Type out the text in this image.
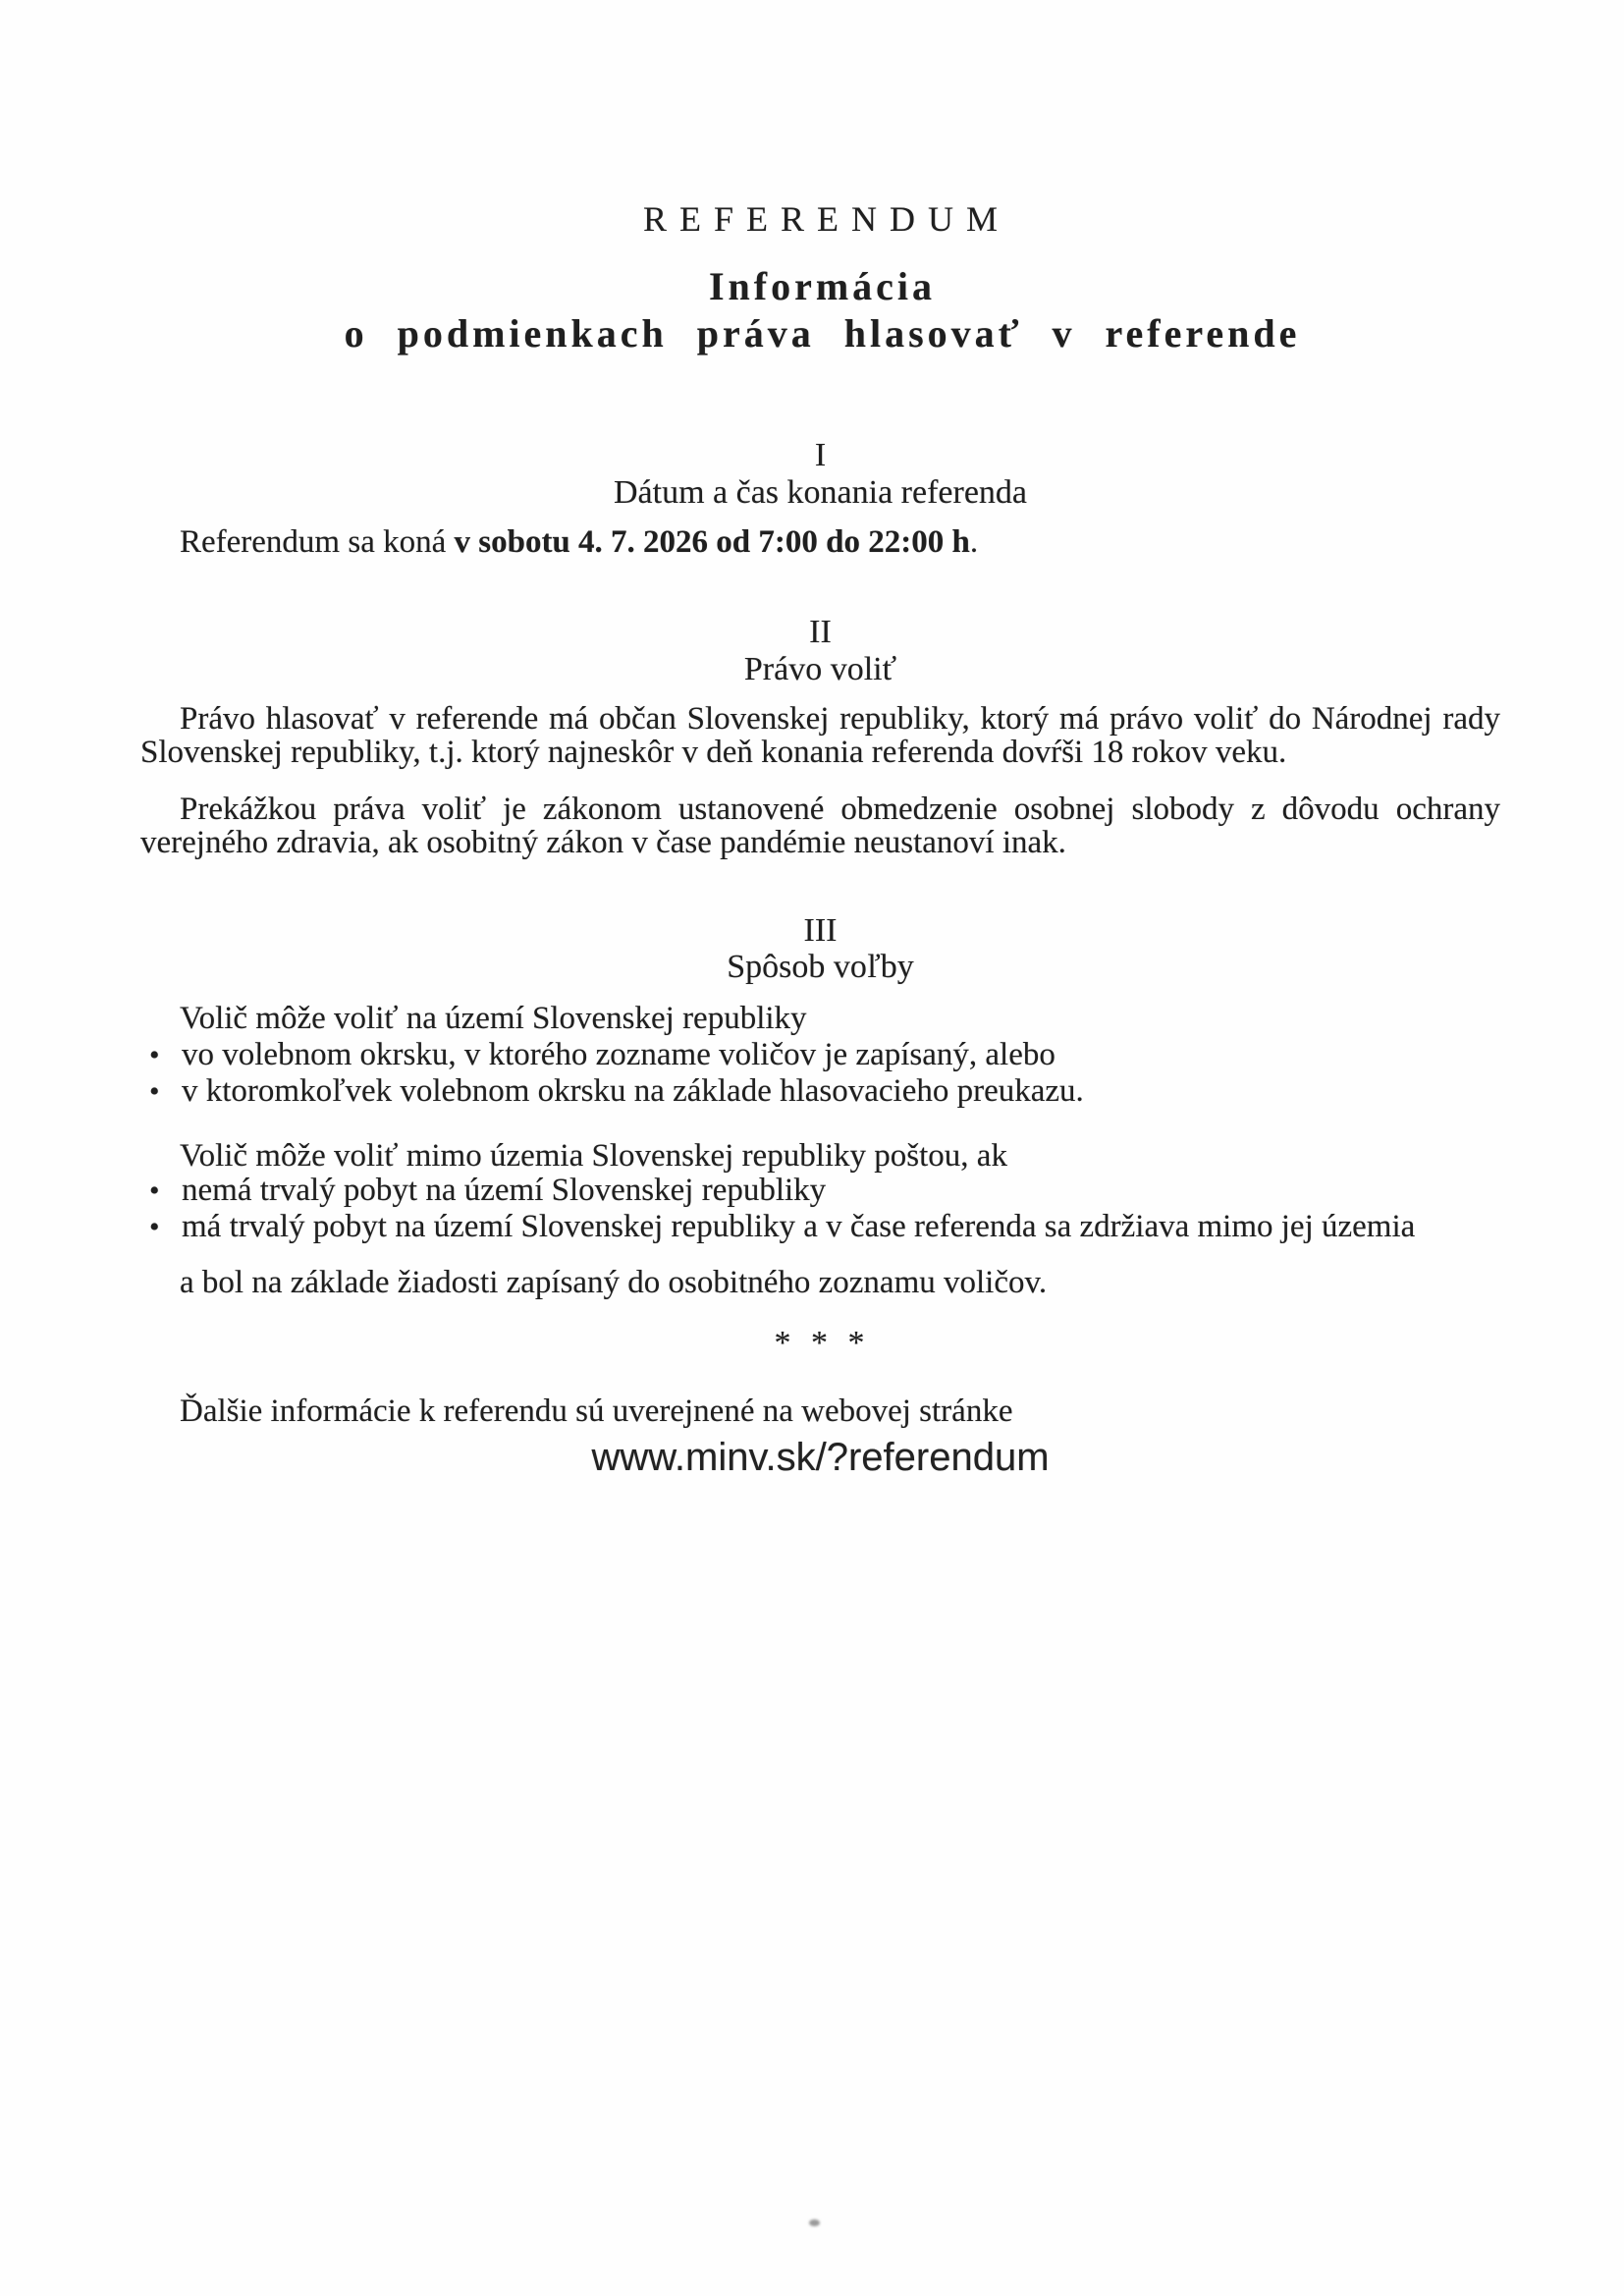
REFERENDUM
Informácia
o podmienkach práva hlasovať v referende
I
Dátum a čas konania referenda
Referendum sa koná v sobotu 4. 7. 2026 od 7:00 do 22:00 h.
II
Právo voliť
Právo hlasovať v referende má občan Slovenskej republiky, ktorý má právo voliť do Národnej rady
Slovenskej republiky, t.j. ktorý najneskôr v deň konania referenda dovŕši 18 rokov veku.
Prekážkou práva voliť je zákonom ustanovené obmedzenie osobnej slobody z dôvodu ochrany
verejného zdravia, ak osobitný zákon v čase pandémie neustanoví inak.
III
Spôsob voľby
Volič môže voliť na území Slovenskej republiky
• vo volebnom okrsku, v ktorého zozname voličov je zapísaný, alebo
• v ktoromkoľvek volebnom okrsku na základe hlasovacieho preukazu.
Volič môže voliť mimo územia Slovenskej republiky poštou, ak
• nemá trvalý pobyt na území Slovenskej republiky
• má trvalý pobyt na území Slovenskej republiky a v čase referenda sa zdržiava mimo jej územia
a bol na základe žiadosti zapísaný do osobitného zoznamu voličov.
* * *
Ďalšie informácie k referendu sú uverejnené na webovej stránke
www.minv.sk/?referendum
